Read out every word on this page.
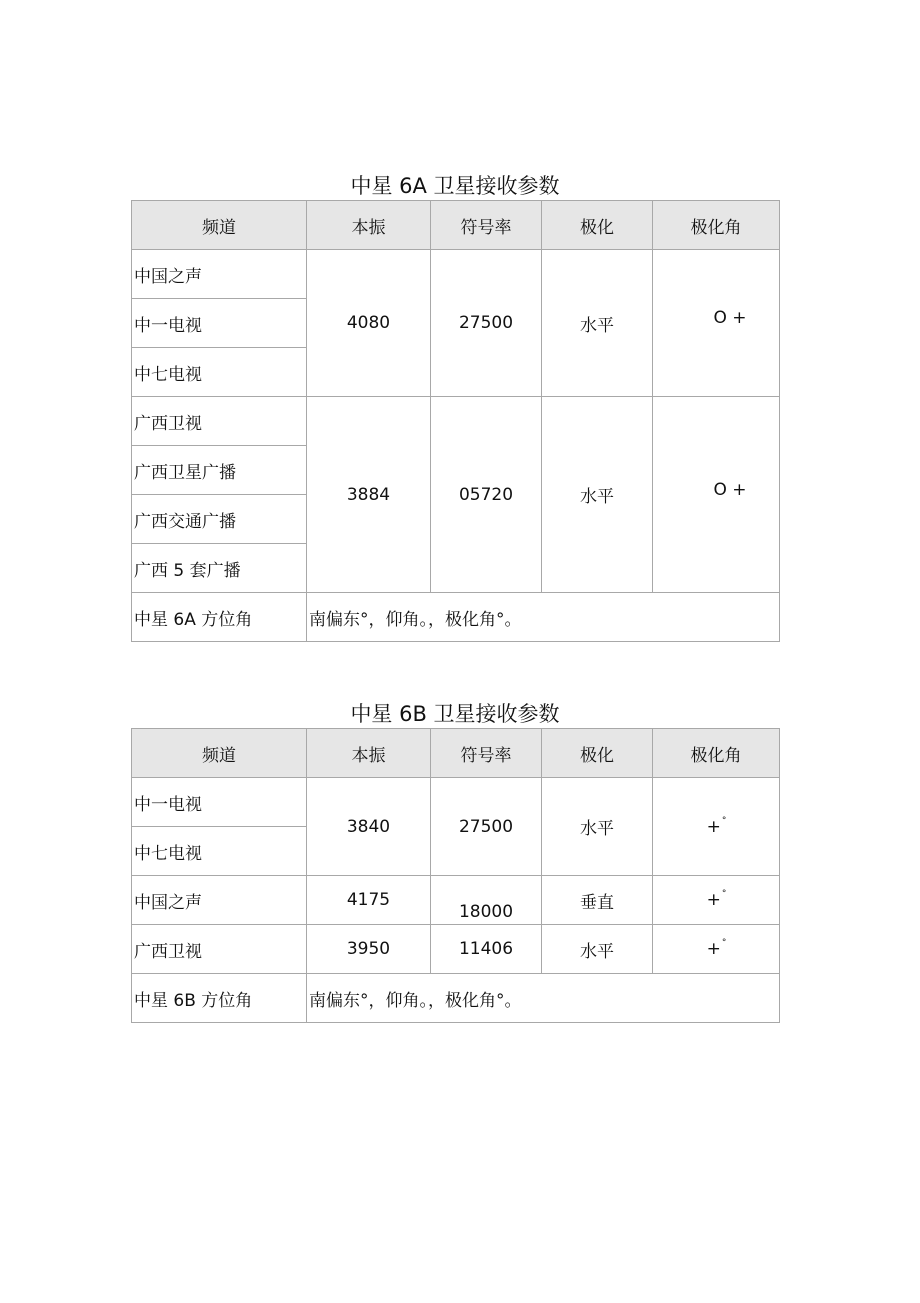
中星 6A 卫星接收参数
频道	本振	符号率	极化	极化角
中国之声	4080	27500	水平	O +
中一电视				
中七电视				
广西卫视	3884	05720	水平	O +
广西卫星广播				
广西交通广播				
广西 5 套广播				
中星 6A 方位角	南偏东°，仰角。，极化角°。			
中星 6B 卫星接收参数
频道	本振	符号率	极化	极化角
中一电视	3840	27500	水平	+°
中七电视				
中国之声	4175	18000	垂直	+°
广西卫视	3950	11406	水平	+°
中星 6B 方位角	南偏东°，仰角。，极化角°。			
